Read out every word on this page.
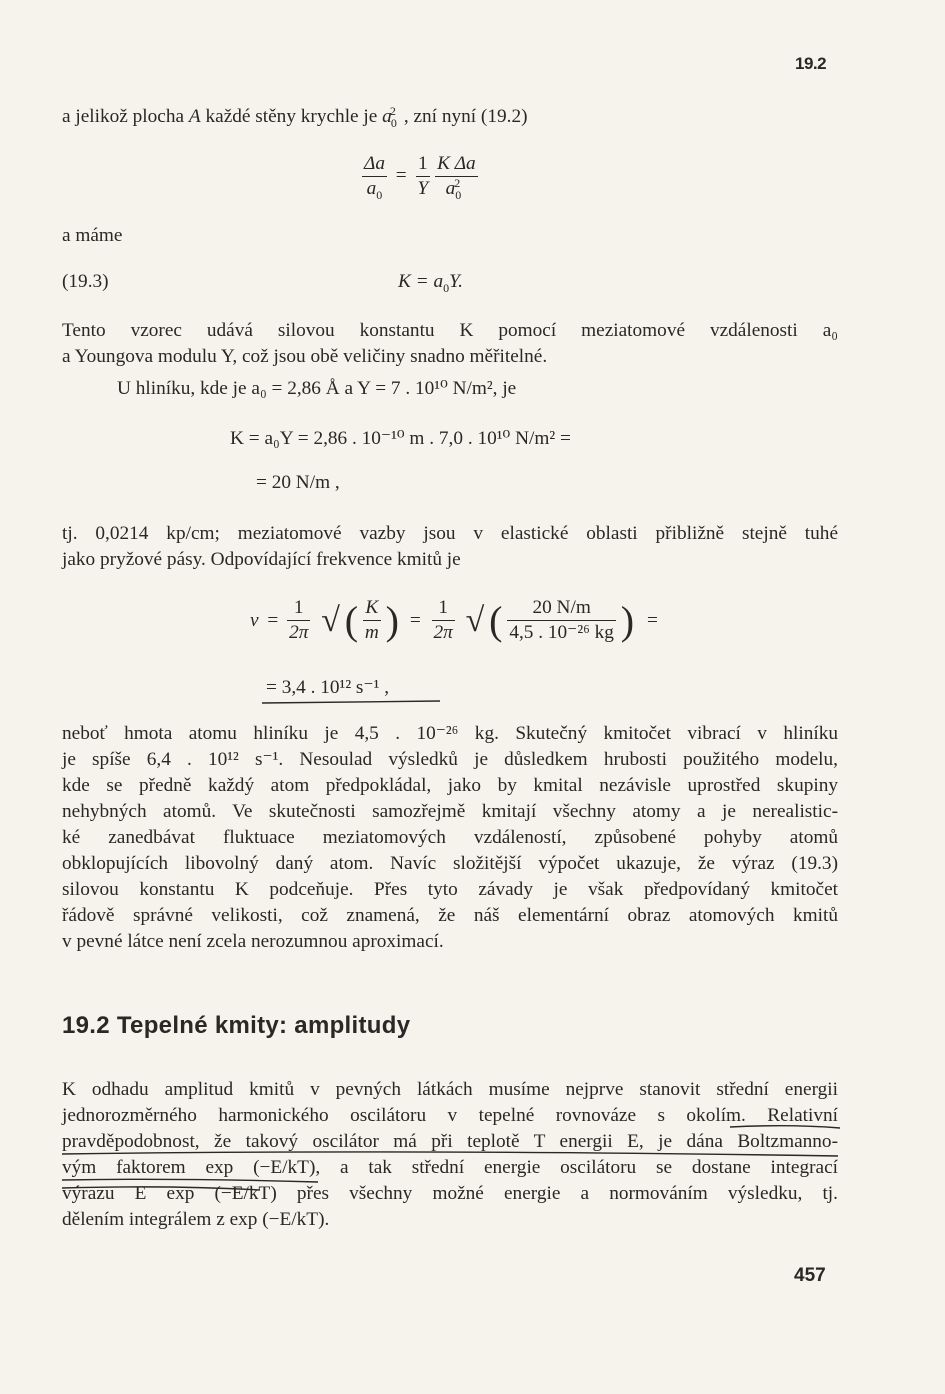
19.2
a jelikož plocha A každé stěny krychle je $a_0^2$ , zní nyní (19.2)
$\frac{\Delta a}{a_0} = \frac{1}{Y}$
$\frac{\text{K Δa}}{a_0^2}$
a máme
(19.3)	$K = a_0Y$.
Tento vzorec udává silovou konstantu K pomocí meziatomové vzdálenosti a₀
a Youngova modulu Y, což jsou obě veličiny snadno měřitelné.
U hliníku, kde je a₀ = 2,86 Å a Y = 7 . 10¹⁰ N/m², je
K = a₀Y = 2,86 . 10⁻¹⁰ m . 7,0 . 10¹⁰ N/m² =
= 20 N/m ,
tj. 0,0214 kp/cm; meziatomové vazby jsou v elastické oblasti přibližně stejně tuhé
jako pryžové pásy. Odpovídající frekvence kmitů je
$\nu = \frac{1}{2\pi}$ √ ( $\frac{K}{m}$ ) = $\frac{1}{2\pi}$ √ ( $\frac{20 N/m}{\text{4,5 . 10⁻²⁶ kg}}$ ) =
= 3,4 . 10¹² s⁻¹ ,
neboť hmota atomu hliníku je 4,5 . 10⁻²⁶ kg. Skutečný kmitočet vibrací v hliníku
je spíše 6,4 . 10¹² s⁻¹. Nesoulad výsledků je důsledkem hrubosti použitého modelu,
kde se předně každý atom předpokládal, jako by kmital nezávisle uprostřed skupiny
nehybných atomů. Ve skutečnosti samozřejmě kmitají všechny atomy a je nerealistic-
ké zanedbávat fluktuace meziatomových vzdáleností, způsobené pohyby atomů
obklopujících libovolný daný atom. Navíc složitější výpočet ukazuje, že výraz (19.3)
silovou konstantu K podceňuje. Přes tyto závady je však předpovídaný kmitočet
řádově správné velikosti, což znamená, že náš elementární obraz atomových kmitů
v pevné látce není zcela nerozumnou aproximací.
19.2 Tepelné kmity: amplitudy
K odhadu amplitud kmitů v pevných látkách musíme nejprve stanovit střední energii
jednorozměrného harmonického oscilátoru v tepelné rovnováze s okolím. Relativní
pravděpodobnost, že takový oscilátor má při teplotě T energii E, je dána Boltzmanno-
vým faktorem exp (−E/kT), a tak střední energie oscilátoru se dostane integrací
výrazu E exp (−E/kT) přes všechny možné energie a normováním výsledku, tj.
dělením integrálem z exp (−E/kT).
457
